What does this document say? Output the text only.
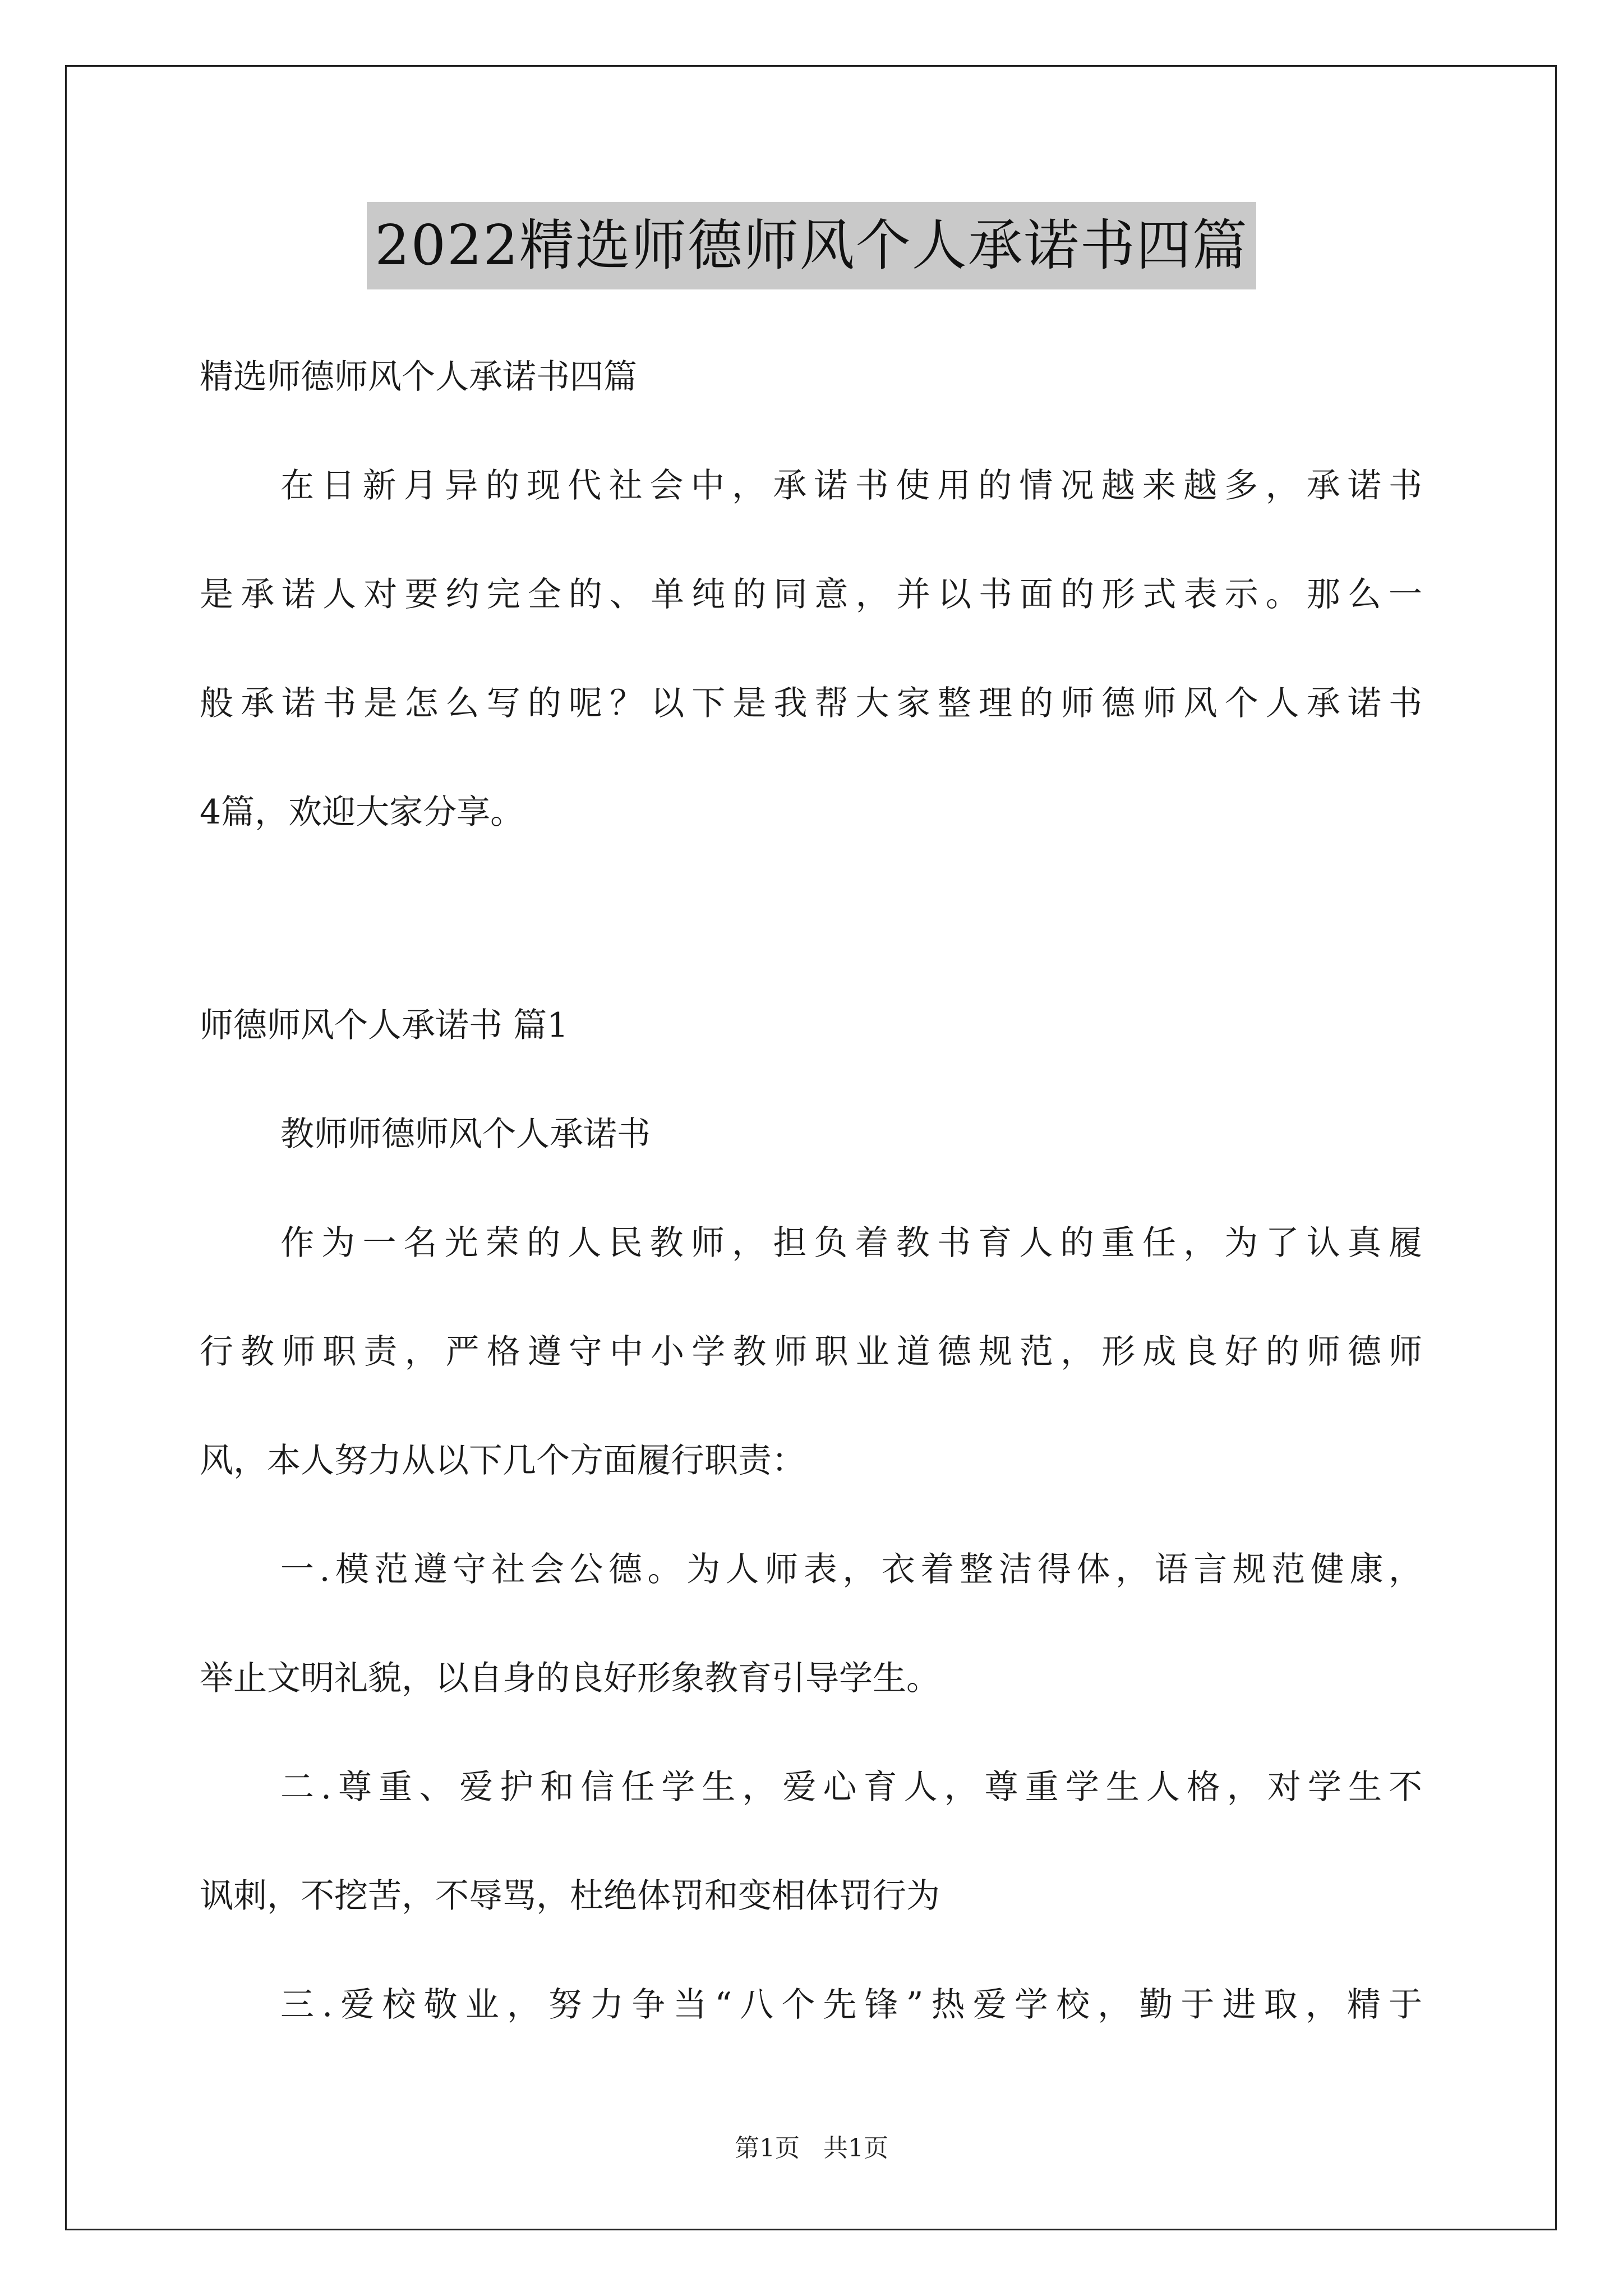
2022精选师德师风个人承诺书四篇
精选师德师风个人承诺书四篇
在日新月异的现代社会中，承诺书使用的情况越来越多，承诺书
是承诺人对要约完全的、单纯的同意，并以书面的形式表示。那么一
般承诺书是怎么写的呢？以下是我帮大家整理的师德师风个人承诺书
4篇，欢迎大家分享。
师德师风个人承诺书 篇1
教师师德师风个人承诺书
作为一名光荣的人民教师，担负着教书育人的重任，为了认真履
行教师职责，严格遵守中小学教师职业道德规范，形成良好的师德师
风，本人努力从以下几个方面履行职责：
一.模范遵守社会公德。为人师表，衣着整洁得体，语言规范健康，
举止文明礼貌，以自身的良好形象教育引导学生。
二.尊重、爱护和信任学生，爱心育人，尊重学生人格，对学生不
讽刺，不挖苦，不辱骂，杜绝体罚和变相体罚行为
三.爱校敬业，努力争当“八个先锋”热爱学校，勤于进取，精于
第1页   共1页
